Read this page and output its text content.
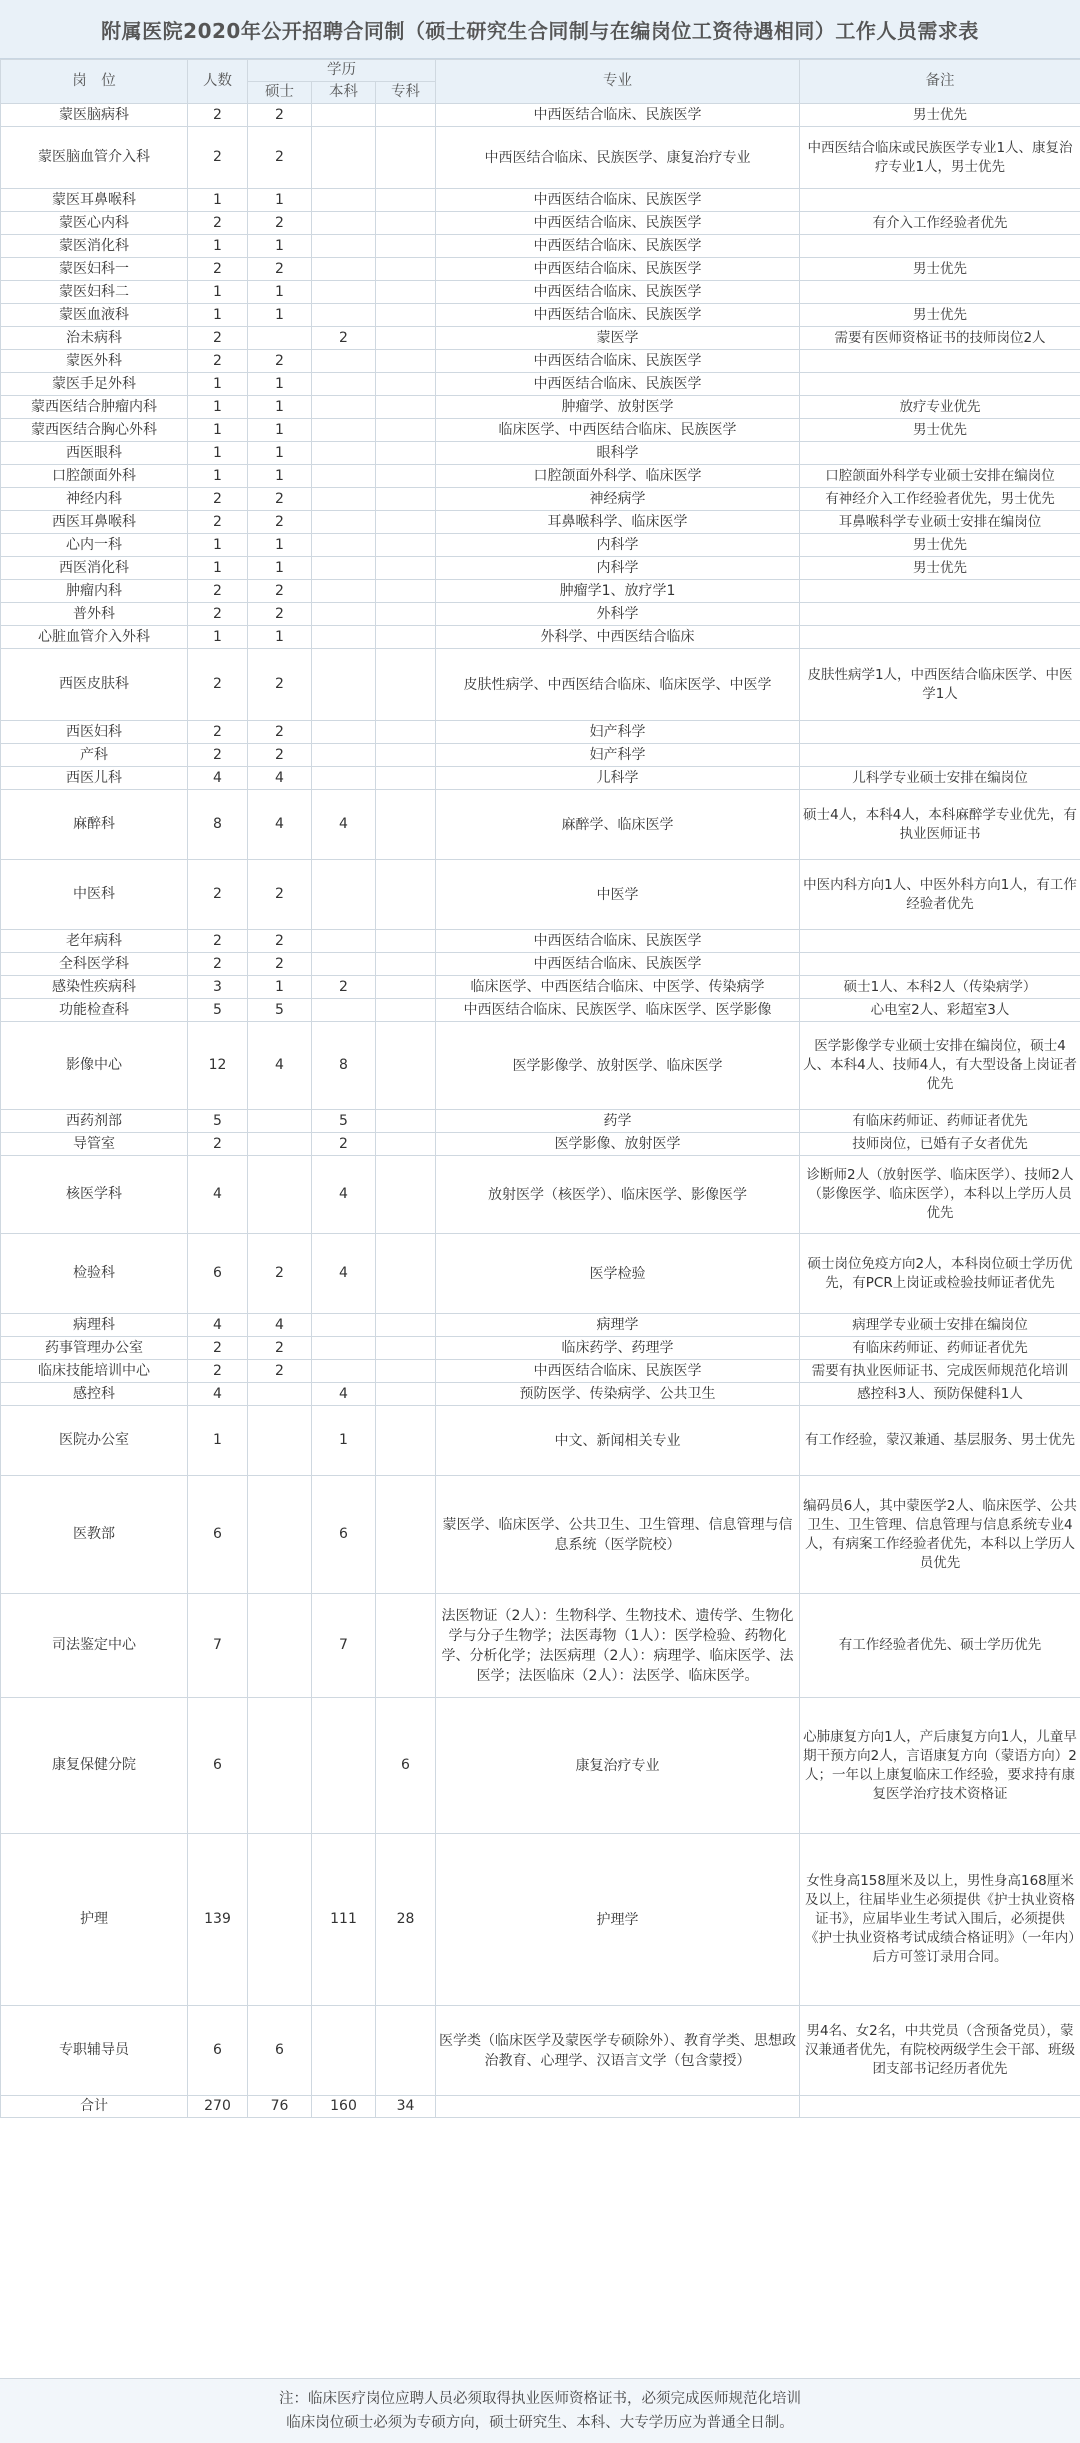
附属医院2020年公开招聘合同制（硕士研究生合同制与在编岗位工资待遇相同）工作人员需求表
岗　位	人数	学历			专业	备注
		硕士	本科	专科		
蒙医脑病科	2	2			中西医结合临床、民族医学	男士优先
蒙医脑血管介入科	2	2			中西医结合临床、民族医学、康复治疗专业	中西医结合临床或民族医学专业1人、康复治疗专业1人，男士优先
蒙医耳鼻喉科	1	1			中西医结合临床、民族医学	
蒙医心内科	2	2			中西医结合临床、民族医学	有介入工作经验者优先
蒙医消化科	1	1			中西医结合临床、民族医学	
蒙医妇科一	2	2			中西医结合临床、民族医学	男士优先
蒙医妇科二	1	1			中西医结合临床、民族医学	
蒙医血液科	1	1			中西医结合临床、民族医学	男士优先
治未病科	2		2		蒙医学	需要有医师资格证书的技师岗位2人
蒙医外科	2	2			中西医结合临床、民族医学	
蒙医手足外科	1	1			中西医结合临床、民族医学	
蒙西医结合肿瘤内科	1	1			肿瘤学、放射医学	放疗专业优先
蒙西医结合胸心外科	1	1			临床医学、中西医结合临床、民族医学	男士优先
西医眼科	1	1			眼科学	
口腔颌面外科	1	1			口腔颌面外科学、临床医学	口腔颌面外科学专业硕士安排在编岗位
神经内科	2	2			神经病学	有神经介入工作经验者优先，男士优先
西医耳鼻喉科	2	2			耳鼻喉科学、临床医学	耳鼻喉科学专业硕士安排在编岗位
心内一科	1	1			内科学	男士优先
西医消化科	1	1			内科学	男士优先
肿瘤内科	2	2			肿瘤学1、放疗学1	
普外科	2	2			外科学	
心脏血管介入外科	1	1			外科学、中西医结合临床	
西医皮肤科	2	2			皮肤性病学、中西医结合临床、临床医学、中医学	皮肤性病学1人，中西医结合临床医学、中医学1人
西医妇科	2	2			妇产科学	
产科	2	2			妇产科学	
西医儿科	4	4			儿科学	儿科学专业硕士安排在编岗位
麻醉科	8	4	4		麻醉学、临床医学	硕士4人，本科4人，本科麻醉学专业优先，有执业医师证书
中医科	2	2			中医学	中医内科方向1人、中医外科方向1人，有工作经验者优先
老年病科	2	2			中西医结合临床、民族医学	
全科医学科	2	2			中西医结合临床、民族医学	
感染性疾病科	3	1	2		临床医学、中西医结合临床、中医学、传染病学	硕士1人、本科2人（传染病学）
功能检查科	5	5			中西医结合临床、民族医学、临床医学、医学影像	心电室2人、彩超室3人
影像中心	12	4	8		医学影像学、放射医学、临床医学	医学影像学专业硕士安排在编岗位，硕士4人、本科4人、技师4人，有大型设备上岗证者优先
西药剂部	5		5		药学	有临床药师证、药师证者优先
导管室	2		2		医学影像、放射医学	技师岗位，已婚有子女者优先
核医学科	4		4		放射医学（核医学）、临床医学、影像医学	诊断师2人（放射医学、临床医学）、技师2人（影像医学、临床医学），本科以上学历人员优先
检验科	6	2	4		医学检验	硕士岗位免疫方向2人，本科岗位硕士学历优先，有PCR上岗证或检验技师证者优先
病理科	4	4			病理学	病理学专业硕士安排在编岗位
药事管理办公室	2	2			临床药学、药理学	有临床药师证、药师证者优先
临床技能培训中心	2	2			中西医结合临床、民族医学	需要有执业医师证书、完成医师规范化培训
感控科	4		4		预防医学、传染病学、公共卫生	感控科3人、预防保健科1人
医院办公室	1		1		中文、新闻相关专业	有工作经验，蒙汉兼通、基层服务、男士优先
医教部	6		6		蒙医学、临床医学、公共卫生、卫生管理、信息管理与信息系统（医学院校）	编码员6人，其中蒙医学2人、临床医学、公共卫生、卫生管理、信息管理与信息系统专业4人，有病案工作经验者优先，本科以上学历人员优先
司法鉴定中心	7		7		法医物证（2人）：生物科学、生物技术、遗传学、生物化学与分子生物学；法医毒物（1人）：医学检验、药物化学、分析化学；法医病理（2人）：病理学、临床医学、法医学；法医临床（2人）：法医学、临床医学。	有工作经验者优先、硕士学历优先
康复保健分院	6			6	康复治疗专业	心肺康复方向1人，产后康复方向1人，儿童早期干预方向2人，言语康复方向（蒙语方向）2人；一年以上康复临床工作经验，要求持有康复医学治疗技术资格证
护理	139		111	28	护理学	女性身高158厘米及以上，男性身高168厘米及以上，往届毕业生必须提供《护士执业资格证书》，应届毕业生考试入围后，必须提供《护士执业资格考试成绩合格证明》（一年内）后方可签订录用合同。
专职辅导员	6	6			医学类（临床医学及蒙医学专硕除外）、教育学类、思想政治教育、心理学、汉语言文学（包含蒙授）	男4名、女2名，中共党员（含预备党员），蒙汉兼通者优先，有院校两级学生会干部、班级团支部书记经历者优先
合计	270	76	160	34		
注：临床医疗岗位应聘人员必须取得执业医师资格证书，必须完成医师规范化培训
临床岗位硕士必须为专硕方向，硕士研究生、本科、大专学历应为普通全日制。
